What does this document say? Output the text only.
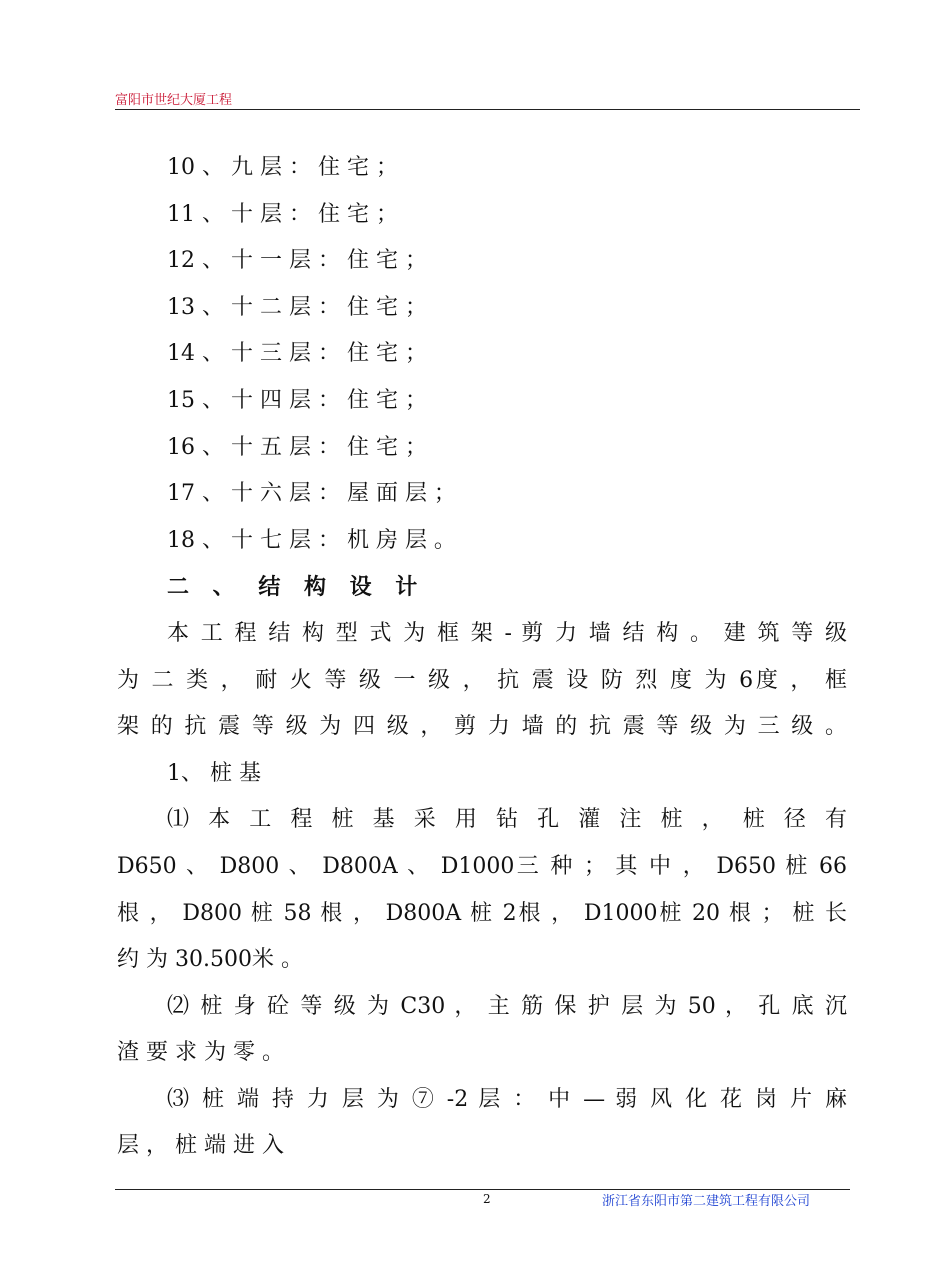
富阳市世纪大厦工程
10 、 九 层 ： 住 宅 ；
11 、 十 层 ： 住 宅 ；
12 、 十 一 层 ： 住 宅 ；
13 、 十 二 层 ： 住 宅 ；
14 、 十 三 层 ： 住 宅 ；
15 、 十 四 层 ： 住 宅 ；
16 、 十 五 层 ： 住 宅 ；
17 、 十 六 层 ： 屋 面 层 ；
18 、 十 七 层 ： 机 房 层 。
二 、 结 构 设 计
本 工 程 结 构 型 式 为 框 架 - 剪 力 墙 结 构 。 建 筑 等 级
为 二 类 ， 耐 火 等 级 一 级 ， 抗 震 设 防 烈 度 为 6度 ， 框
架 的 抗 震 等 级 为 四 级 ， 剪 力 墙 的 抗 震 等 级 为 三 级 。
1、 桩 基
⑴ 本 工 程 桩 基 采 用 钻 孔 灌 注 桩 ， 桩 径 有
D650 、 D800 、 D800A 、 D1000三 种 ； 其 中 ， D650 桩 66
根 ， D800 桩 58 根 ， D800A 桩 2根 ， D1000桩 20 根 ； 桩 长
约 为 30.500米 。
⑵ 桩 身 砼 等 级 为 C30 ， 主 筋 保 护 层 为 50 ， 孔 底 沉
渣 要 求 为 零 。
⑶ 桩 端 持 力 层 为 ⑦ -2 层 ： 中 — 弱 风 化 花 岗 片 麻
层 ， 桩 端 进 入
2	浙江省东阳市第二建筑工程有限公司
